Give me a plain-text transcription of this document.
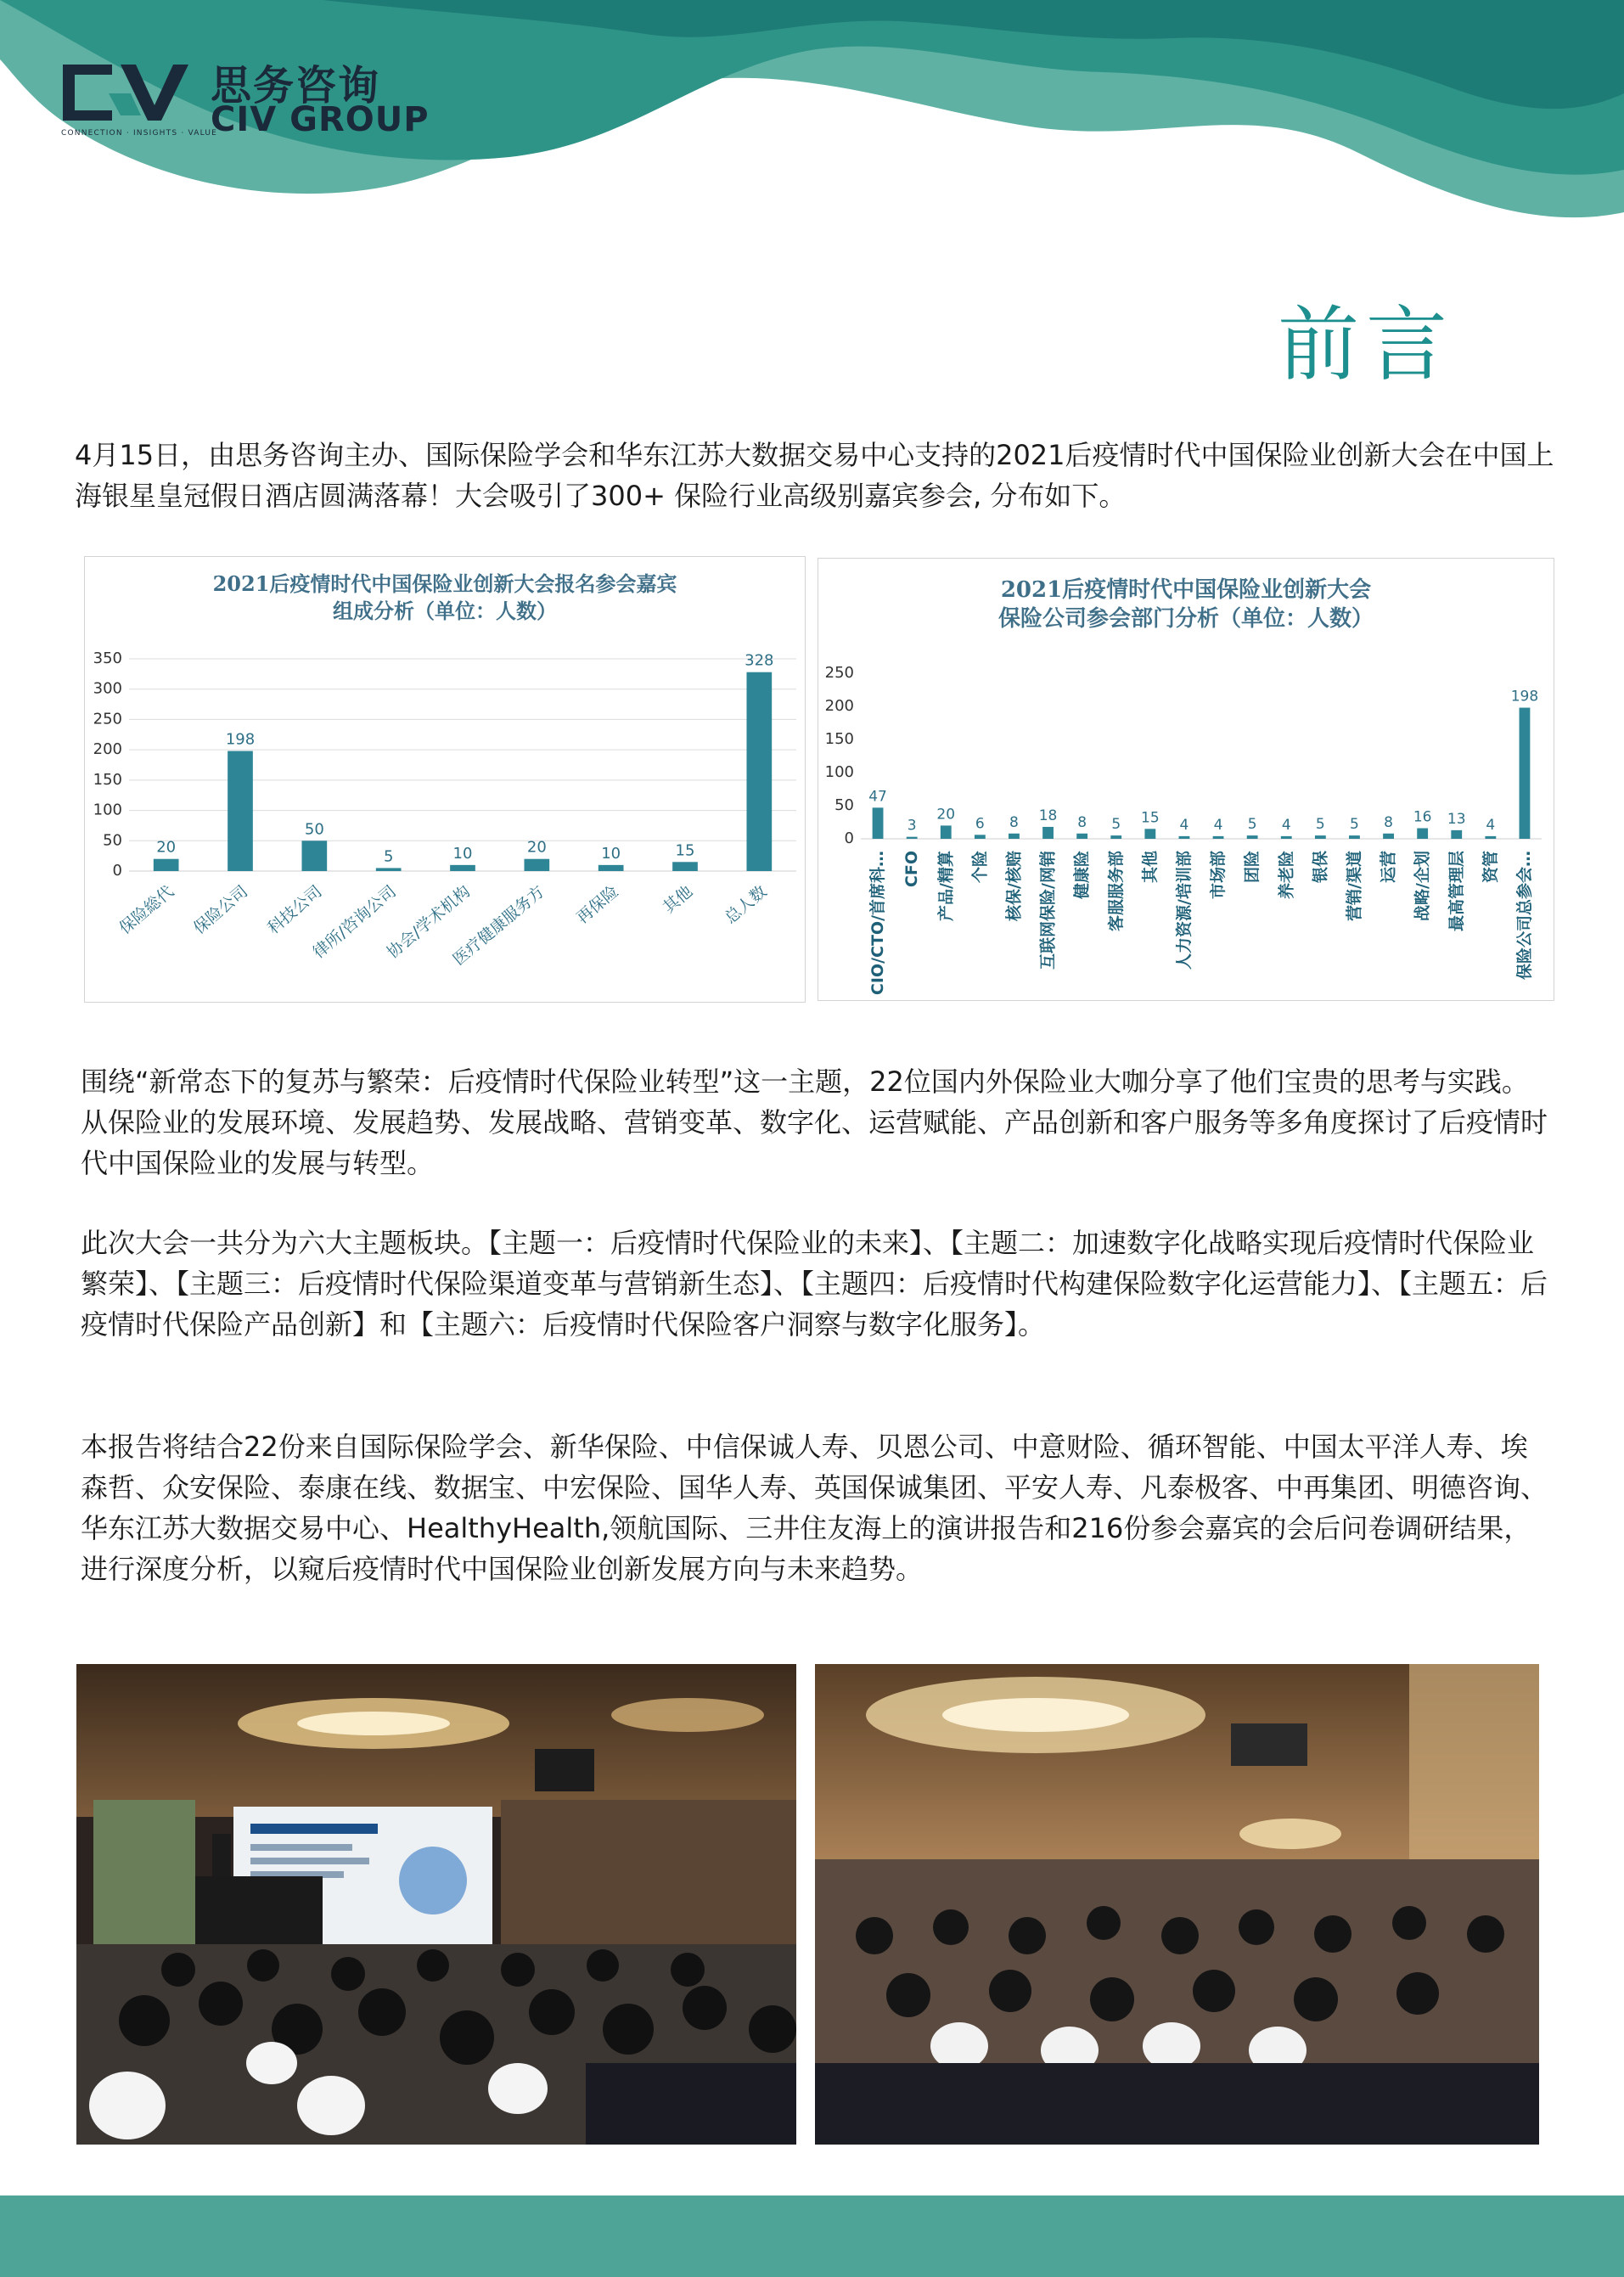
CONNECTION · INSIGHTS · VALUE
思务咨询
CIV GROUP
前言

4月15日，由思务咨询主办、国际保险学会和华东江苏大数据交易中心支持的2021后疫情时代中国保险业创新大会在中国上海银星皇冠假日酒店圆满落幕！大会吸引了300+ 保险行业高级别嘉宾参会, 分布如下。

2021后疫情时代中国保险业创新大会报名参会嘉宾
组成分析（单位：人数）
0
50
100
150
200
250
300
350
20
保险総代
198
保险公司
50
科技公司
5
律所/咨询公司
10
协会/学术机构
20
医疗健康服务方
10
再保险
15
其他
328
总人数
2021后疫情时代中国保险业创新大会
保险公司参会部门分析（单位：人数）
0
50
100
150
200
250
47
CIO/CTO/首席科…
3
CFO
20
产品/精算
6
个险
8
核保/核赔
18
互联网保险/网销
8
健康险
5
客服服务部
15
其他
4
人力资源/培训部
4
市场部
5
团险
4
养老险
5
银保
5
营销/渠道
8
运营
16
战略/企划
13
最高管理层
4
资管
198
保险公司总参会…

围绕“新常态下的复苏与繁荣：后疫情时代保险业转型”这一主题，22位国内外保险业大咖分享了他们宝贵的思考与实践。从保险业的发展环境、发展趋势、发展战略、营销变革、数字化、运营赋能、产品创新和客户服务等多角度探讨了后疫情时代中国保险业的发展与转型。

此次大会一共分为六大主题板块。【主题一：后疫情时代保险业的未来】、【主题二：加速数字化战略实现后疫情时代保险业繁荣】、【主题三：后疫情时代保险渠道变革与营销新生态】、【主题四：后疫情时代构建保险数字化运营能力】、【主题五：后疫情时代保险产品创新】和【主题六：后疫情时代保险客户洞察与数字化服务】。

本报告将结合22份来自国际保险学会、新华保险、中信保诚人寿、贝恩公司、中意财险、循环智能、中国太平洋人寿、埃森哲、众安保险、泰康在线、数据宝、中宏保险、国华人寿、英国保诚集团、平安人寿、凡泰极客、中再集团、明德咨询、华东江苏大数据交易中心、HealthyHealth,领航国际、三井住友海上的演讲报告和216份参会嘉宾的会后问卷调研结果，进行深度分析，以窥后疫情时代中国保险业创新发展方向与未来趋势。
